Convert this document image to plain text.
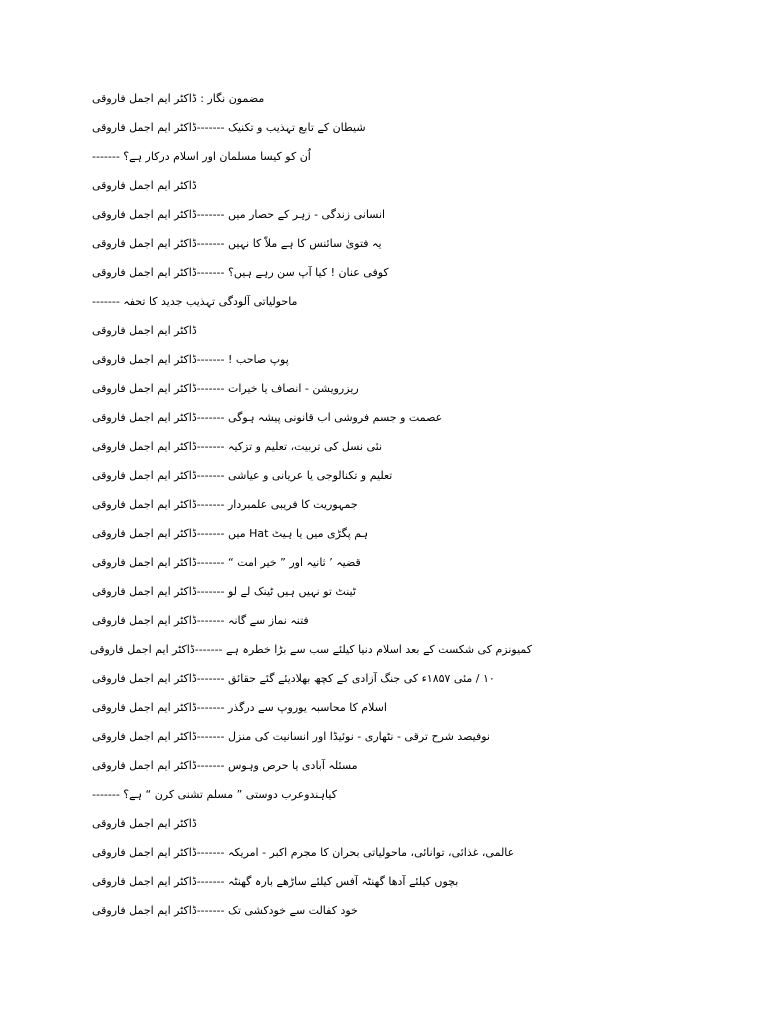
مضمون نگار : ڈاکٹر ایم اجمل فاروقی
شیطان کے تابع تہذیب و تکنیک -------ڈاکٹر ایم اجمل فاروقی
اُن کو کیسا مسلمان اور اسلام درکار ہے؟ -------
ڈاکٹر ایم اجمل فاروقی
انسانی زندگی - زہر کے حصار میں -------ڈاکٹر ایم اجمل فاروقی
یہ فتویٰ سائنس کا ہے ملاّ کا نہیں -------ڈاکٹر ایم اجمل فاروقی
کوفی عنان ! کیا آپ سن رہے ہیں؟ -------ڈاکٹر ایم اجمل فاروقی
ماحولیاتی آلودگی تہذیب جدید کا تحفہ -------
ڈاکٹر ایم اجمل فاروقی
پوپ صاحب ! -------ڈاکٹر ایم اجمل فاروقی
ریزرویشن - انصاف یا خیرات -------ڈاکٹر ایم اجمل فاروقی
عصمت و جسم فروشی اب قانونی پیشہ ہوگی -------ڈاکٹر ایم اجمل فاروقی
نئی نسل کی تربیت، تعلیم و تزکیہ -------ڈاکٹر ایم اجمل فاروقی
تعلیم و تکنالوجی یا عریانی و عیاشی -------ڈاکٹر ایم اجمل فاروقی
جمہوریت کا فریبی علمبردار -------ڈاکٹر ایم اجمل فاروقی
ہم پگڑی میں یا ہیٹ Hat میں -------ڈاکٹر ایم اجمل فاروقی
قضیہ ’ ثانیہ اور ” خیر امت “ -------ڈاکٹر ایم اجمل فاروقی
ٹینٹ تو نہیں ہیں ٹینک لے لو -------ڈاکٹر ایم اجمل فاروقی
فتنہ نماز سے گانہ -------ڈاکٹر ایم اجمل فاروقی
کمیونزم کی شکست کے بعد اسلام دنیا کیلئے سب سے بڑا خطرہ ہے -------ڈاکٹر ایم اجمل فاروقی
۱۰ / مئی ۱۸۵۷ء کی جنگ آزادی کے کچھ بھلادیئے گئے حقائق -------ڈاکٹر ایم اجمل فاروقی
اسلام کا محاسبہ یوروپ سے درگذر -------ڈاکٹر ایم اجمل فاروقی
نوفیصد شرح ترقی - نٹھاری - نوئیڈا اور انسانیت کی منزل -------ڈاکٹر ایم اجمل فاروقی
مسئلہ آبادی یا حرص وہوس -------ڈاکٹر ایم اجمل فاروقی
کیاہندوعرب دوستی ” مسلم تشنی کرن “ ہے؟ -------
ڈاکٹر ایم اجمل فاروقی
عالمی، غذائی، توانائی، ماحولیاتی بحران کا مجرم اکبر - امریکہ -------ڈاکٹر ایم اجمل فاروقی
بچوں کیلئے آدھا گھنٹہ آفس کیلئے ساڑھے بارہ گھنٹہ -------ڈاکٹر ایم اجمل فاروقی
خود کفالت سے خودکشی تک -------ڈاکٹر ایم اجمل فاروقی
